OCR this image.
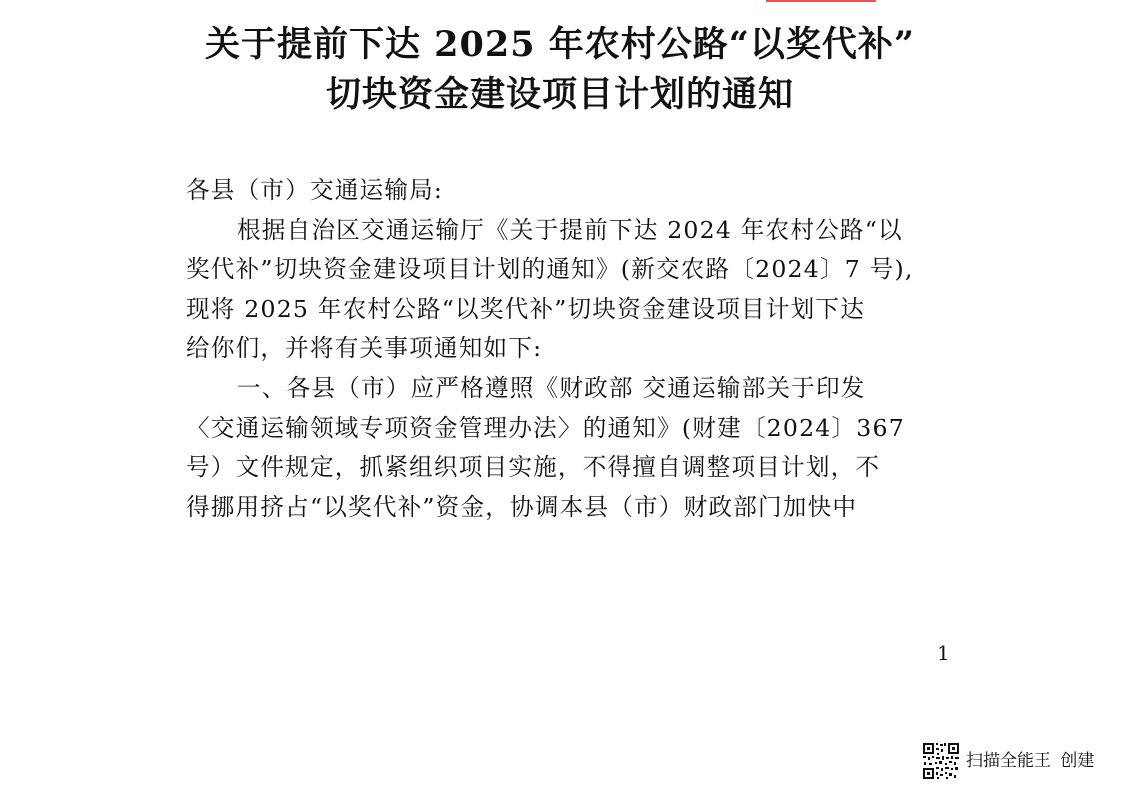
关于提前下达 2025 年农村公路“以奖代补”
切块资金建设项目计划的通知
各县（市）交通运输局:
根据自治区交通运输厅《关于提前下达 2024 年农村公路“以
奖代补”切块资金建设项目计划的通知》(新交农路〔2024〕7 号),
现将 2025 年农村公路“以奖代补”切块资金建设项目计划下达
给你们，并将有关事项通知如下:
一、各县（市）应严格遵照《财政部 交通运输部关于印发
〈交通运输领域专项资金管理办法〉的通知》(财建〔2024〕367
号）文件规定，抓紧组织项目实施，不得擅自调整项目计划，不
得挪用挤占“以奖代补”资金，协调本县（市）财政部门加快中
1
扫描全能王 创建
